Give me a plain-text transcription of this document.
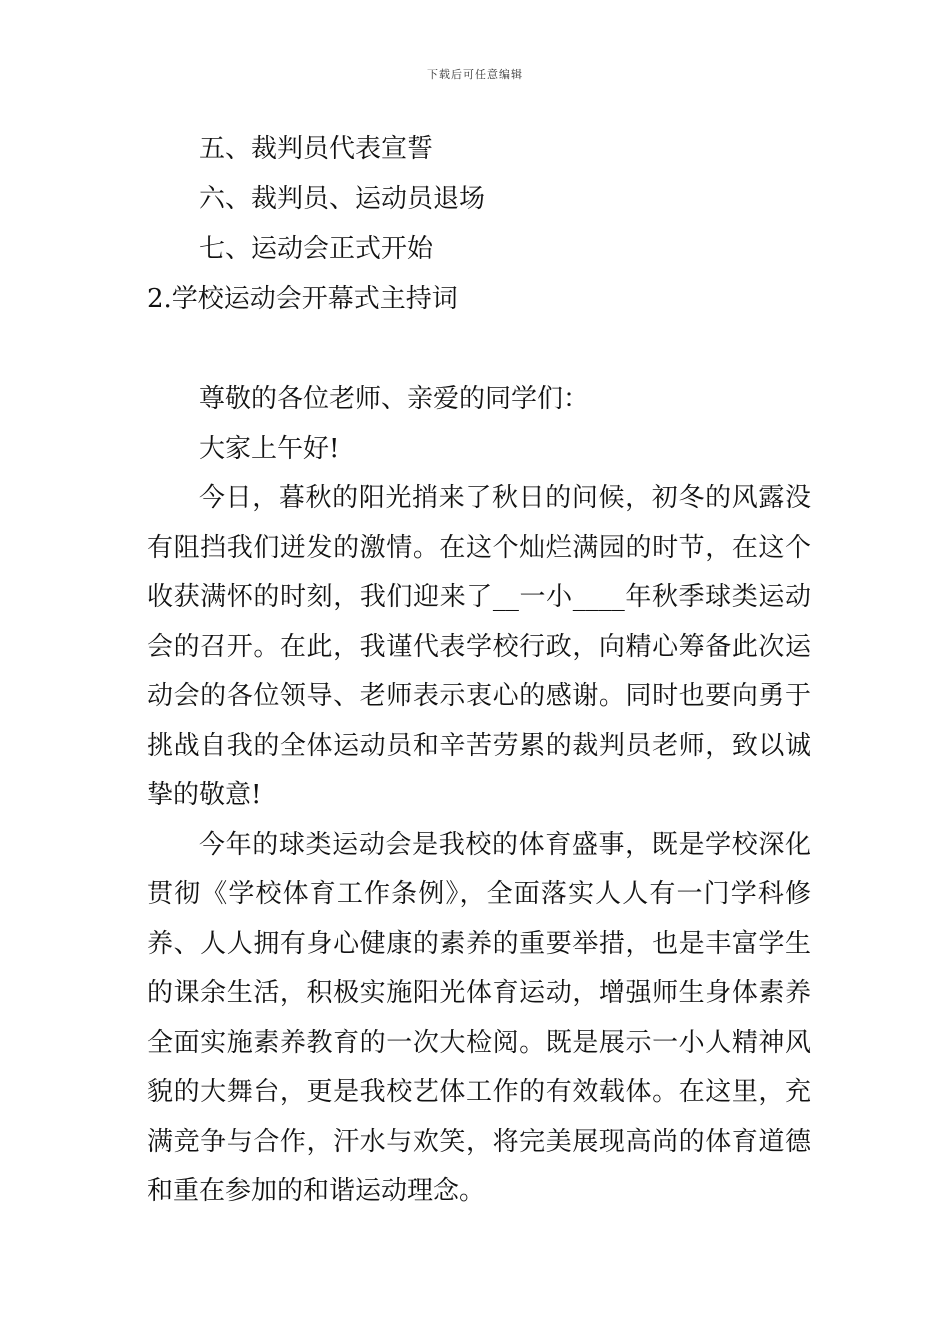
下载后可任意编辑
五、裁判员代表宣誓
六、裁判员、运动员退场
七、运动会正式开始
2.学校运动会开幕式主持词
尊敬的各位老师、亲爱的同学们：
大家上午好!

今日，暮秋的阳光捎来了秋日的问候，初冬的风露没有阻挡我们迸发的激情。在这个灿烂满园的时节，在这个收获满怀的时刻，我们迎来了__一小____年秋季球类运动会的召开。在此，我谨代表学校行政，向精心筹备此次运动会的各位领导、老师表示衷心的感谢。同时也要向勇于挑战自我的全体运动员和辛苦劳累的裁判员老师，致以诚挚的敬意!

今年的球类运动会是我校的体育盛事，既是学校深化贯彻《学校体育工作条例》，全面落实人人有一门学科修养、人人拥有身心健康的素养的重要举措，也是丰富学生的课余生活，积极实施阳光体育运动，增强师生身体素养全面实施素养教育的一次大检阅。既是展示一小人精神风貌的大舞台，更是我校艺体工作的有效载体。在这里，充满竞争与合作，汗水与欢笑，将完美展现高尚的体育道德和重在参加的和谐运动理念。
